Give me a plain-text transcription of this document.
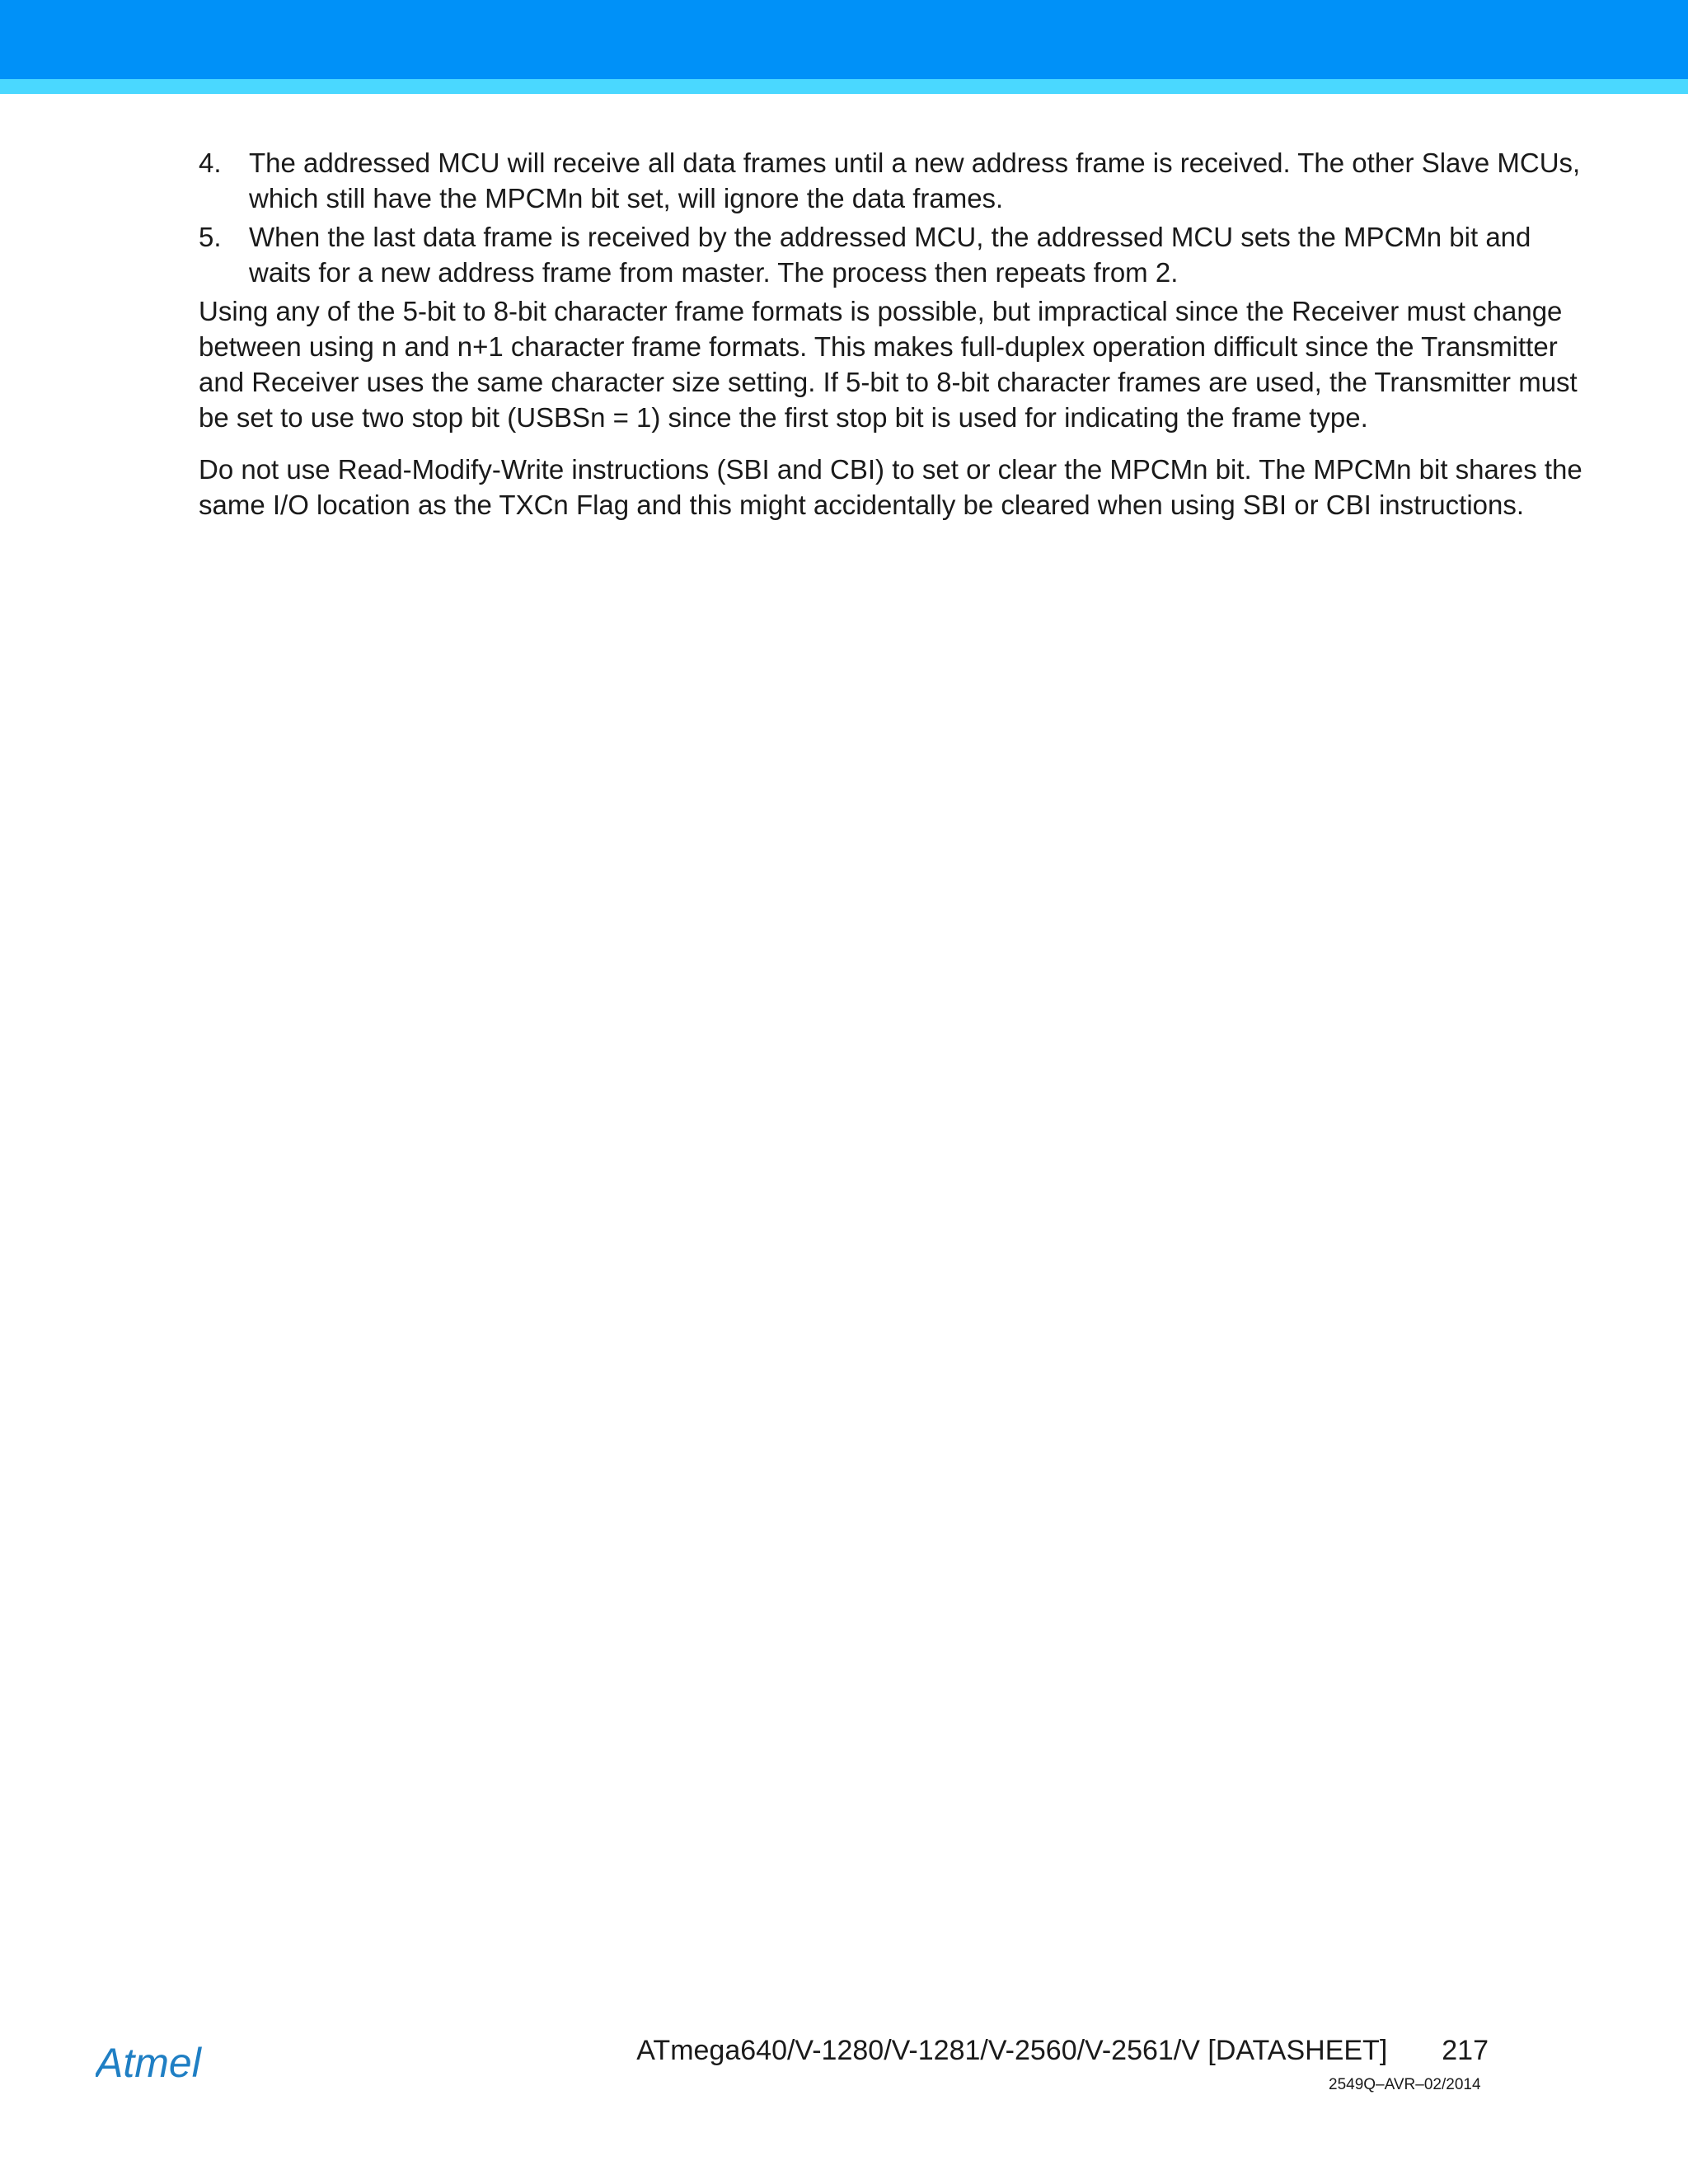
4.	The addressed MCU will receive all data frames until a new address frame is received. The other Slave MCUs, which still have the MPCMn bit set, will ignore the data frames.
5.	When the last data frame is received by the addressed MCU, the addressed MCU sets the MPCMn bit and waits for a new address frame from master. The process then repeats from 2.

Using any of the 5-bit to 8-bit character frame formats is possible, but impractical since the Receiver must change between using n and n+1 character frame formats. This makes full-duplex operation difficult since the Transmitter and Receiver uses the same character size setting. If 5-bit to 8-bit character frames are used, the Transmitter must be set to use two stop bit (USBSn = 1) since the first stop bit is used for indicating the frame type.

Do not use Read-Modify-Write instructions (SBI and CBI) to set or clear the MPCMn bit. The MPCMn bit shares the same I/O location as the TXCn Flag and this might accidentally be cleared when using SBI or CBI instructions.

Atmel	ATmega640/V-1280/V-1281/V-2560/V-2561/V [DATASHEET] 217
2549Q–AVR–02/2014
